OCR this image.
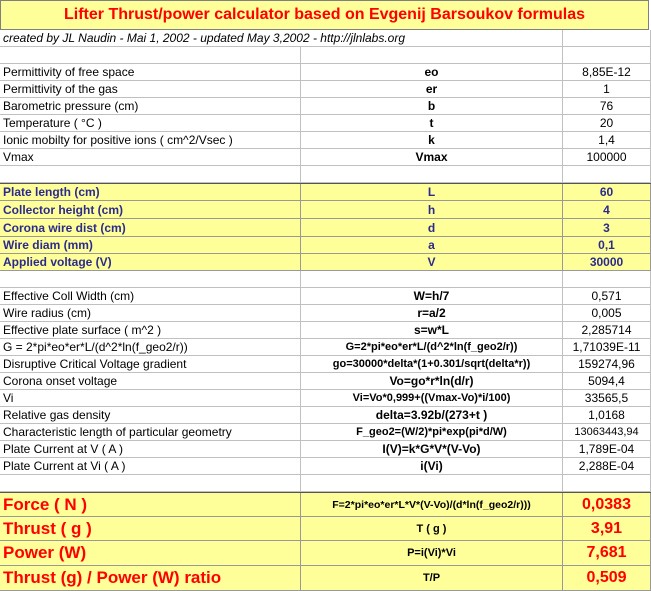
Lifter Thrust/power calculator based on Evgenij Barsoukov formulas
created by JL Naudin - Mai 1, 2002 - updated May 3,2002 - http://jlnlabs.org
Permittivity of free space	eo	8,85E-12
Permittivity of the gas	er	1
Barometric pressure (cm)	b	76
Temperature ( °C )	t	20
Ionic mobilty for positive ions ( cm^2/Vsec )	k	1,4
Vmax	Vmax	100000
Plate length (cm)	L	60
Collector height (cm)	h	4
Corona wire dist (cm)	d	3
Wire diam (mm)	a	0,1
Applied voltage (V)	V	30000
Effective Coll Width (cm)	W=h/7	0,571
Wire radius (cm)	r=a/2	0,005
Effective plate surface ( m^2 )	s=w*L	2,285714
G = 2*pi*eo*er*L/(d^2*ln(f_geo2/r))	G=2*pi*eo*er*L/(d^2*ln(f_geo2/r))	1,71039E-11
Disruptive Critical Voltage gradient	go=30000*delta*(1+0.301/sqrt(delta*r))	159274,96
Corona onset voltage	Vo=go*r*ln(d/r)	5094,4
Vi	Vi=Vo*0,999+((Vmax-Vo)*i/100)	33565,5
Relative gas density	delta=3.92b/(273+t )	1,0168
Characteristic length of particular geometry	F_geo2=(W/2)*pi*exp(pi*d/W)	13063443,94
Plate Current at V ( A )	I(V)=k*G*V*(V-Vo)	1,789E-04
Plate Current at Vi ( A )	i(Vi)	2,288E-04
Force ( N )	F=2*pi*eo*er*L*V*(V-Vo)/(d*ln(f_geo2/r)))	0,0383
Thrust ( g )	T ( g )	3,91
Power (W)	P=i(Vi)*Vi	7,681
Thrust (g) / Power (W) ratio	T/P	0,509
